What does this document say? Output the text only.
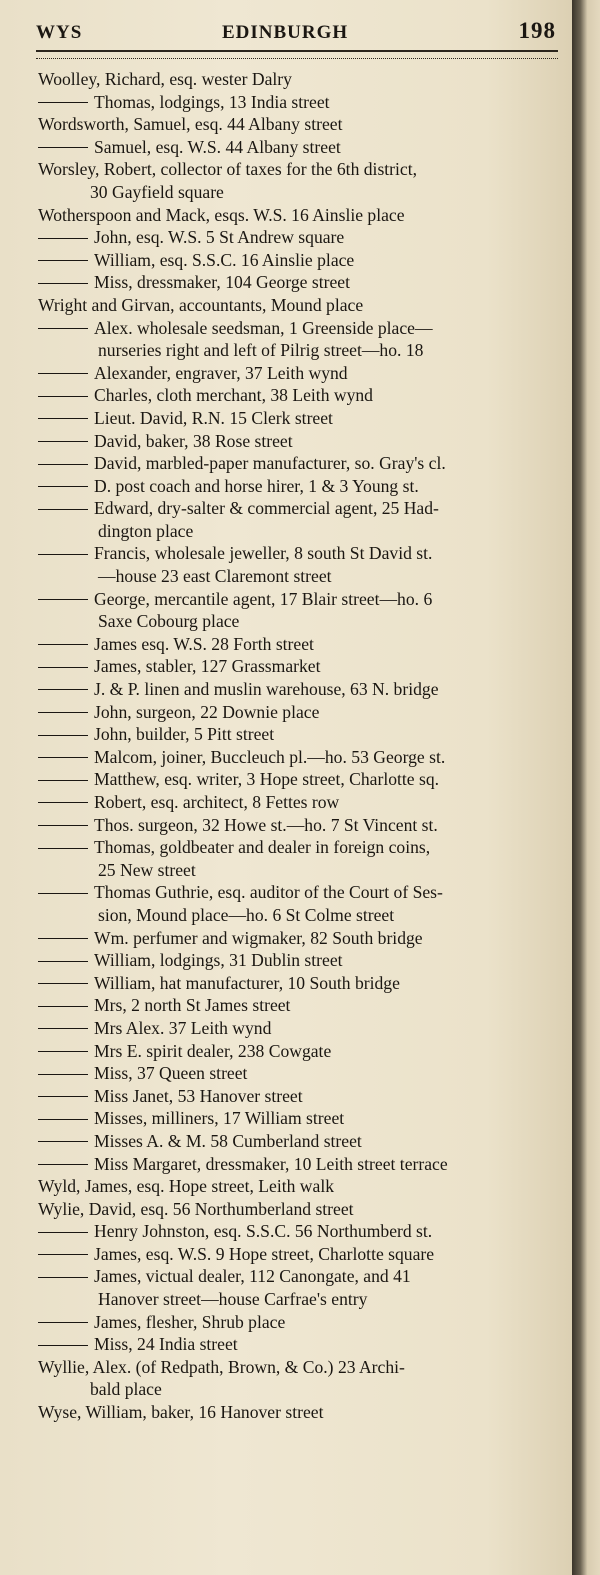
WYS	EDINBURGH	198
Woolley, Richard, esq. wester Dalry
Thomas, lodgings, 13 India street
Wordsworth, Samuel, esq. 44 Albany street
Samuel, esq. W.S. 44 Albany street
Worsley, Robert, collector of taxes for the 6th district,
30 Gayfield square
Wotherspoon and Mack, esqs. W.S. 16 Ainslie place
John, esq. W.S. 5 St Andrew square
William, esq. S.S.C. 16 Ainslie place
Miss, dressmaker, 104 George street
Wright and Girvan, accountants, Mound place
Alex. wholesale seedsman, 1 Greenside place—
nurseries right and left of Pilrig street—ho. 18
Alexander, engraver, 37 Leith wynd
Charles, cloth merchant, 38 Leith wynd
Lieut. David, R.N. 15 Clerk street
David, baker, 38 Rose street
David, marbled-paper manufacturer, so. Gray's cl.
D. post coach and horse hirer, 1 & 3 Young st.
Edward, dry-salter & commercial agent, 25 Had-
dington place
Francis, wholesale jeweller, 8 south St David st.
—house 23 east Claremont street
George, mercantile agent, 17 Blair street—ho. 6
Saxe Cobourg place
James esq. W.S. 28 Forth street
James, stabler, 127 Grassmarket
J. & P. linen and muslin warehouse, 63 N. bridge
John, surgeon, 22 Downie place
John, builder, 5 Pitt street
Malcom, joiner, Buccleuch pl.—ho. 53 George st.
Matthew, esq. writer, 3 Hope street, Charlotte sq.
Robert, esq. architect, 8 Fettes row
Thos. surgeon, 32 Howe st.—ho. 7 St Vincent st.
Thomas, goldbeater and dealer in foreign coins,
25 New street
Thomas Guthrie, esq. auditor of the Court of Ses-
sion, Mound place—ho. 6 St Colme street
Wm. perfumer and wigmaker, 82 South bridge
William, lodgings, 31 Dublin street
William, hat manufacturer, 10 South bridge
Mrs, 2 north St James street
Mrs Alex. 37 Leith wynd
Mrs E. spirit dealer, 238 Cowgate
Miss, 37 Queen street
Miss Janet, 53 Hanover street
Misses, milliners, 17 William street
Misses A. & M. 58 Cumberland street
Miss Margaret, dressmaker, 10 Leith street terrace
Wyld, James, esq. Hope street, Leith walk
Wylie, David, esq. 56 Northumberland street
Henry Johnston, esq. S.S.C. 56 Northumberd st.
James, esq. W.S. 9 Hope street, Charlotte square
James, victual dealer, 112 Canongate, and 41
Hanover street—house Carfrae's entry
James, flesher, Shrub place
Miss, 24 India street
Wyllie, Alex. (of Redpath, Brown, & Co.) 23 Archi-
bald place
Wyse, William, baker, 16 Hanover street
